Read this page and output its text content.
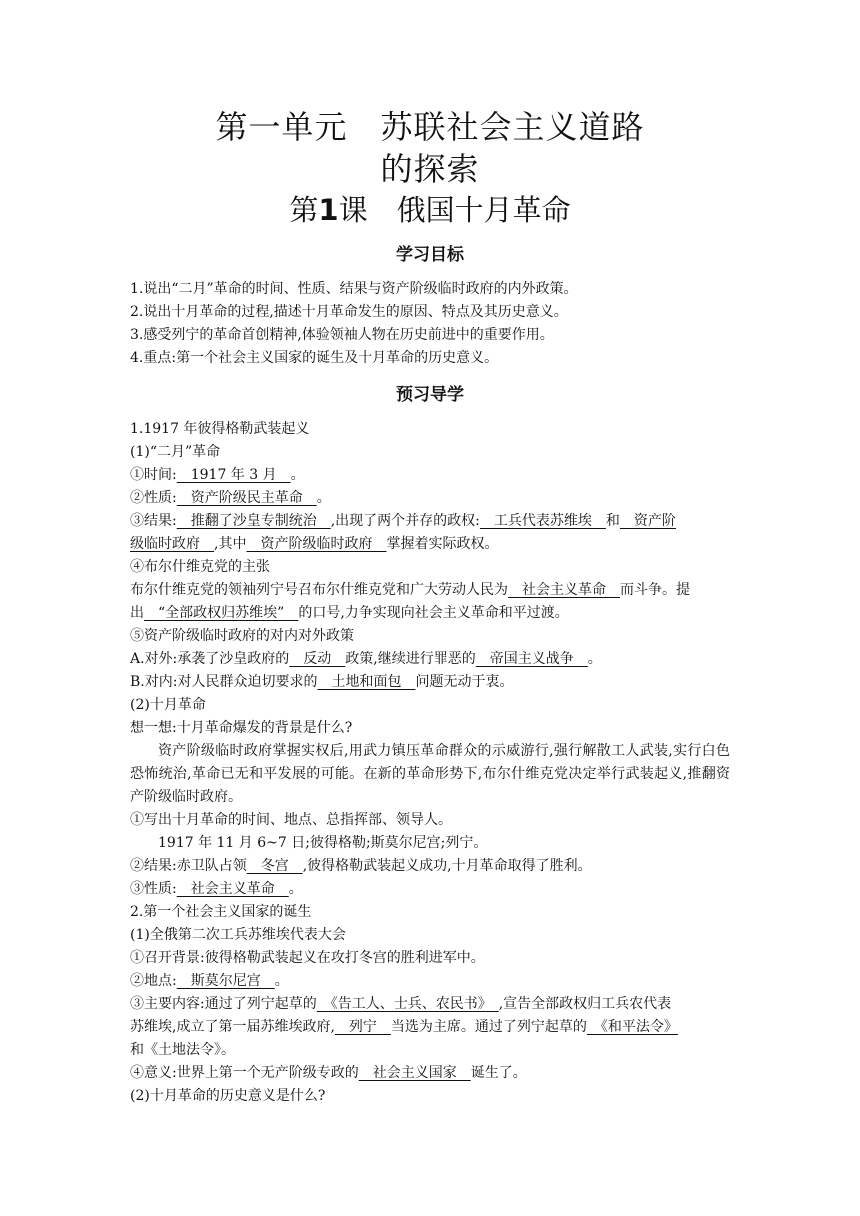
第一单元　苏联社会主义道路
的探索
第1课　俄国十月革命
学习目标
1.说出“二月”革命的时间、性质、结果与资产阶级临时政府的内外政策。
2.说出十月革命的过程,描述十月革命发生的原因、特点及其历史意义。
3.感受列宁的革命首创精神,体验领袖人物在历史前进中的重要作用。
4.重点:第一个社会主义国家的诞生及十月革命的历史意义。
预习导学
1.1917 年彼得格勒武装起义
(1)“二月”革命
①时间:　1917 年 3 月　。
②性质:　资产阶级民主革命　。
③结果:　推翻了沙皇专制统治　,出现了两个并存的政权:　工兵代表苏维埃　和　资产阶
级临时政府　,其中　资产阶级临时政府　掌握着实际政权。
④布尔什维克党的主张
布尔什维克党的领袖列宁号召布尔什维克党和广大劳动人民为　社会主义革命　而斗争。提
出　“全部政权归苏维埃”　的口号,力争实现向社会主义革命和平过渡。
⑤资产阶级临时政府的对内对外政策
A.对外:承袭了沙皇政府的　反动　政策,继续进行罪恶的　帝国主义战争　。
B.对内:对人民群众迫切要求的　土地和面包　问题无动于衷。
(2)十月革命
想一想:十月革命爆发的背景是什么?
资产阶级临时政府掌握实权后,用武力镇压革命群众的示威游行,强行解散工人武装,实行白色恐怖统治,革命已无和平发展的可能。在新的革命形势下,布尔什维克党决定举行武装起义,推翻资产阶级临时政府。
①写出十月革命的时间、地点、总指挥部、领导人。
1917 年 11 月 6~7 日;彼得格勒;斯莫尔尼宫;列宁。
②结果:赤卫队占领　冬宫　,彼得格勒武装起义成功,十月革命取得了胜利。
③性质:　社会主义革命　。
2.第一个社会主义国家的诞生
(1)全俄第二次工兵苏维埃代表大会
①召开背景:彼得格勒武装起义在攻打冬宫的胜利进军中。
②地点:　斯莫尔尼宫　。
③主要内容:通过了列宁起草的　《告工人、士兵、农民书》　,宣告全部政权归工兵农代表
苏维埃,成立了第一届苏维埃政府,　列宁　当选为主席。通过了列宁起草的　《和平法令》
和《土地法令》。
④意义:世界上第一个无产阶级专政的　社会主义国家　诞生了。
(2)十月革命的历史意义是什么?
